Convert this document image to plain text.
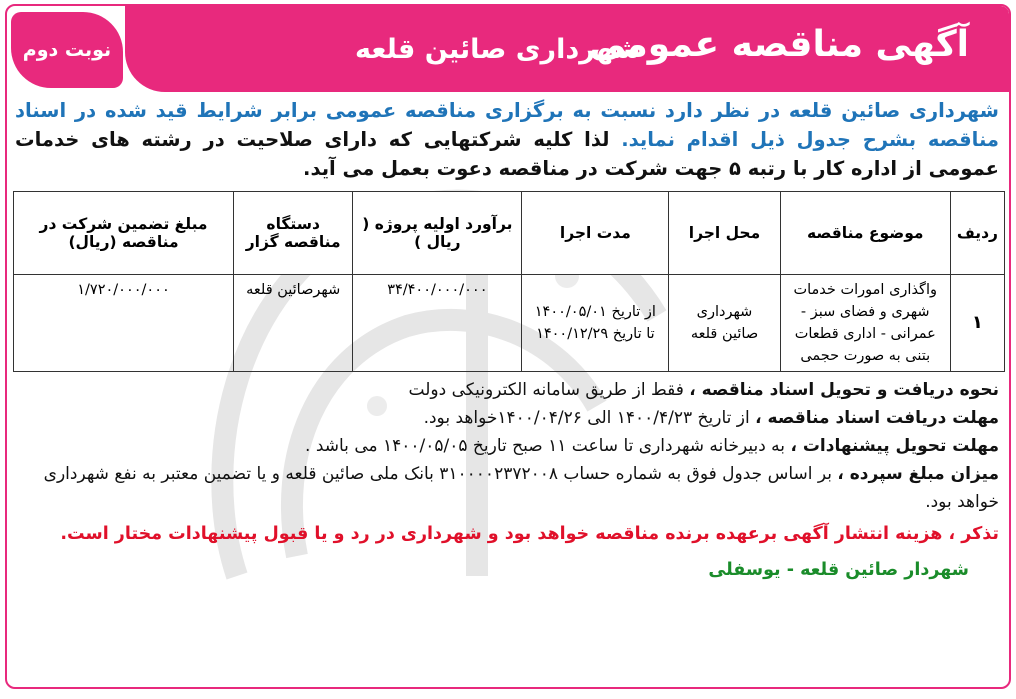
نوبت دوم	شهرداری صائین قلعه
آگهی مناقصه عمومی
شهرداری صائین قلعه در نظر دارد نسبت به برگزاری مناقصه عمومی برابر شرایط قید شده در اسناد مناقصه بشرح جدول ذیل اقدام نماید. لذا کلیه شرکتهایی که دارای صلاحیت در رشته های خدمات عمومی از اداره کار با رتبه ۵ جهت شرکت در مناقصه دعوت بعمل می آید.
ردیف	موضوع مناقصه	محل اجرا	مدت اجرا	برآورد اولیه پروژه ( ریال )	دستگاه مناقصه گزار	مبلغ تضمین شرکت در مناقصه (ریال)
۱	واگذاری امورات خدمات شهری و فضای سبز - عمرانی - اداری قطعات بتنی به صورت حجمی	شهرداری صائین قلعه	از تاریخ ۱۴۰۰/۰۵/۰۱ تا تاریخ ۱۴۰۰/۱۲/۲۹	۳۴/۴۰۰/۰۰۰/۰۰۰	شهرصائین قلعه	۱/۷۲۰/۰۰۰/۰۰۰
نحوه دریافت و تحویل اسناد مناقصه ، فقط از طریق سامانه الکترونیکی دولت
مهلت دریافت اسناد مناقصه ، از تاریخ ۱۴۰۰/۴/۲۳ الی ۱۴۰۰/۰۴/۲۶خواهد بود.
مهلت تحویل پیشنهادات ، به دبیرخانه شهرداری تا ساعت ۱۱ صبح تاریخ ۱۴۰۰/۰۵/۰۵ می باشد .
میزان مبلغ سپرده ، بر اساس جدول فوق به شماره حساب ۳۱۰۰۰۰۲۳۷۲۰۰۸ بانک ملی صائین قلعه و یا تضمین معتبر به نفع شهرداری خواهد بود.
تذکر ، هزینه انتشار آگهی برعهده برنده مناقصه خواهد بود و شهرداری در رد و یا قبول پیشنهادات مختار است.
شهردار صائین قلعه - یوسفلی
